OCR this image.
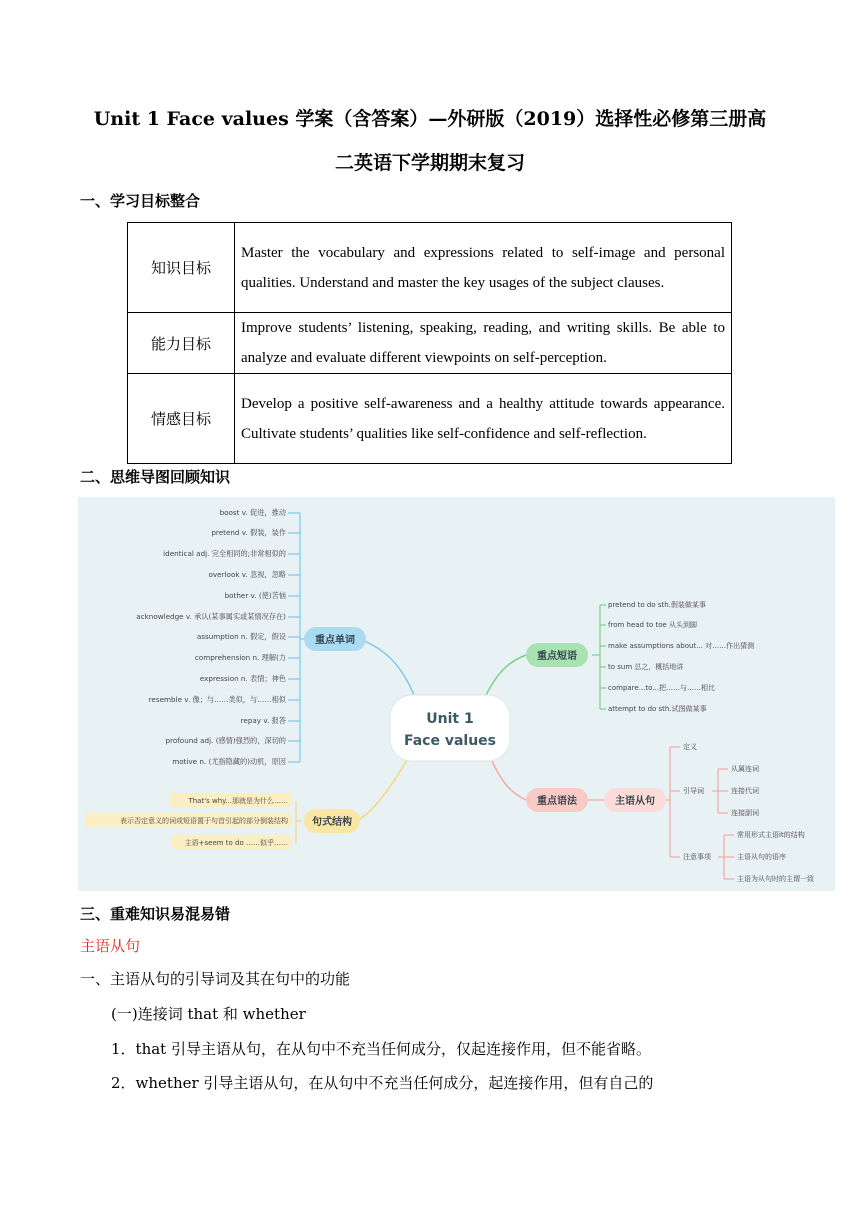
Unit 1 Face values 学案（含答案）—外研版（2019）选择性必修第三册高
二英语下学期期末复习
一、学习目标整合
知识目标	Master the vocabulary and expressions related to self-image and personal qualities. Understand and master the key usages of the subject clauses.
能力目标	Improve students’ listening, speaking, reading, and writing skills. Be able to analyze and evaluate different viewpoints on self-perception.
情感目标	Develop a positive self-awareness and a healthy attitude towards appearance. Cultivate students’ qualities like self-confidence and self-reflection.
二、思维导图回顾知识
Unit 1
Face values
重点单词
句式结构
重点短语
重点语法	主语从句
boost v. 促进，推动
pretend v. 假装，装作
identical adj. 完全相同的;非常相似的
overlook v. 忽视，忽略
bother v. (使)苦恼
acknowledge v. 承认(某事属实或某情况存在)
assumption n. 假定，假设
comprehension n. 理解(力
expression n. 表情；神色
resemble v. 像；与……类似，与……相似
repay v. 报答
profound adj. (感情)强烈的，深切的
motive n. (尤指隐藏的)动机，原因
That's why...那就是为什么……
表示否定意义的词或短语置于句首引起的部分倒装结构
主语+seem to do ……似乎……
pretend to do sth.假装做某事
from head to toe 从头到脚
make assumptions about... 对……作出猜测
to sum 总之，概括地讲
compare...to...把……与……相比
attempt to do sth.试图做某事
定义
引导词
注意事项
从属连词
连接代词
连接副词
常用形式主语it的结构
主语从句的语序
主语为从句时的主谓一致
三、重难知识易混易错
主语从句
一、主语从句的引导词及其在句中的功能
(一)连接词 that 和 whether
1．that 引导主语从句，在从句中不充当任何成分，仅起连接作用，但不能省略。
2．whether 引导主语从句，在从句中不充当任何成分，起连接作用，但有自己的
